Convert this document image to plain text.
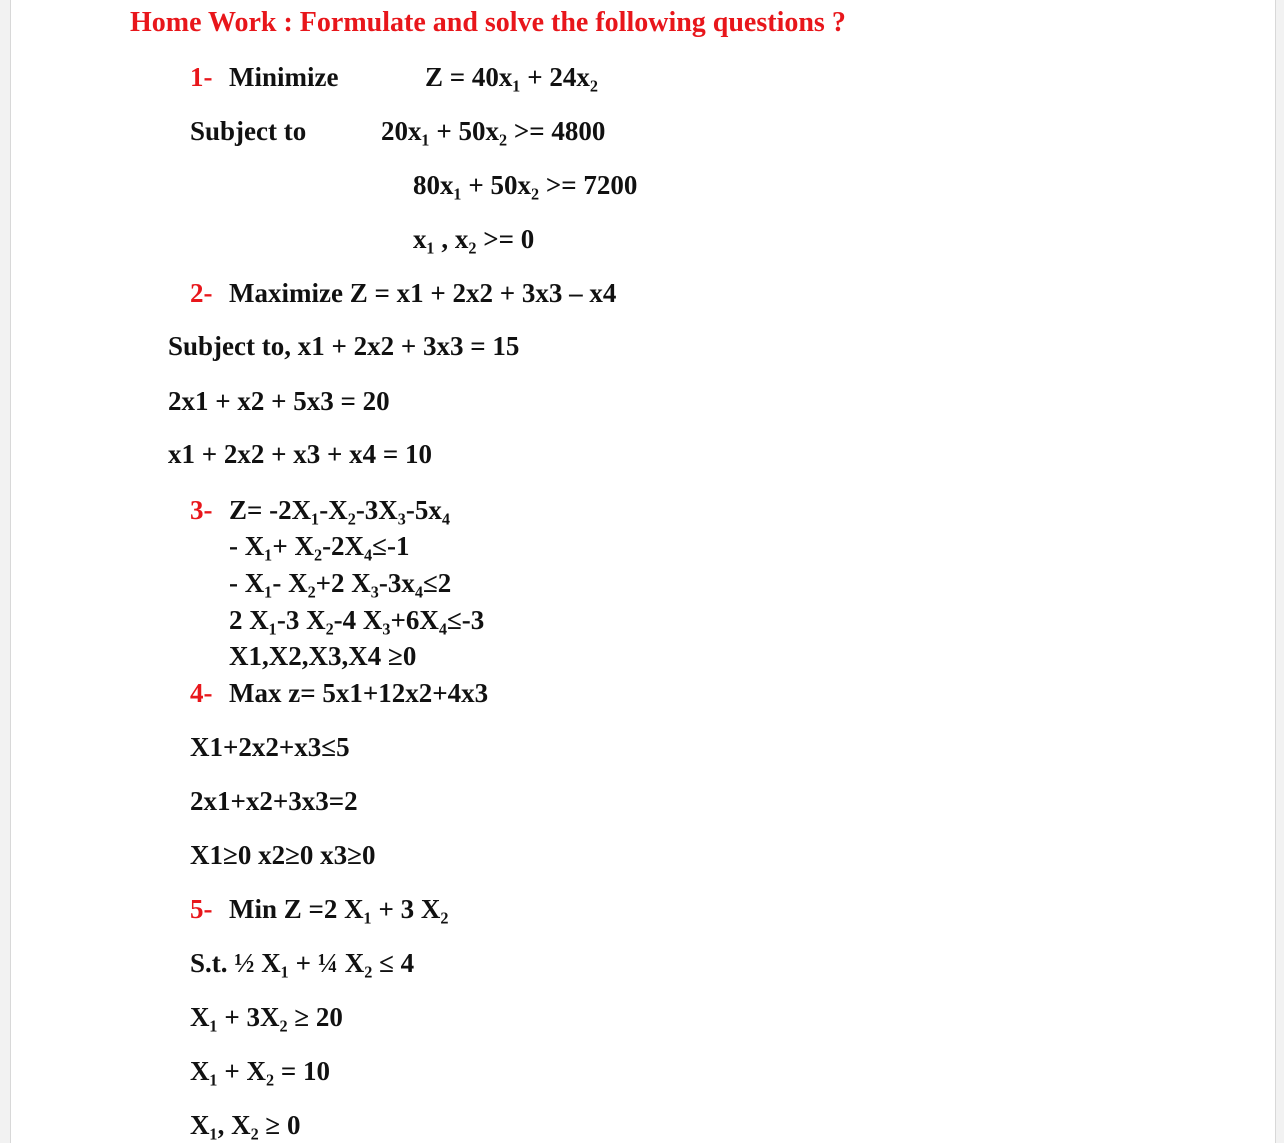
Home Work : Formulate and solve the following questions ?
1- Minimize	Z = 40x₁ + 24x₂
Subject to	20x₁ + 50x₂ >= 4800
80x₁ + 50x₂ >= 7200
x₁ , x₂ >= 0
2- Maximize Z = x1 + 2x2 + 3x3 – x4
Subject to, x1 + 2x2 + 3x3 = 15
2x1 + x2 + 5x3 = 20
x1 + 2x2 + x3 + x4 = 10
3- Z= -2X₁-X₂-3X₃-5x₄
- X₁+ X₂-2X₄≤-1
- X₁- X₂+2 X₃-3x₄≤2
2 X₁-3 X₂-4 X₃+6X₄≤-3
X1,X2,X3,X4 ≥0
4- Max z= 5x1+12x2+4x3
X1+2x2+x3≤5
2x1+x2+3x3=2
X1≥0 x2≥0 x3≥0
5- Min Z =2 X₁ + 3 X₂
S.t. ½ X₁ + ¼ X₂ ≤ 4
X₁ + 3X₂ ≥ 20
X₁ + X₂ = 10
X₁, X₂ ≥ 0
